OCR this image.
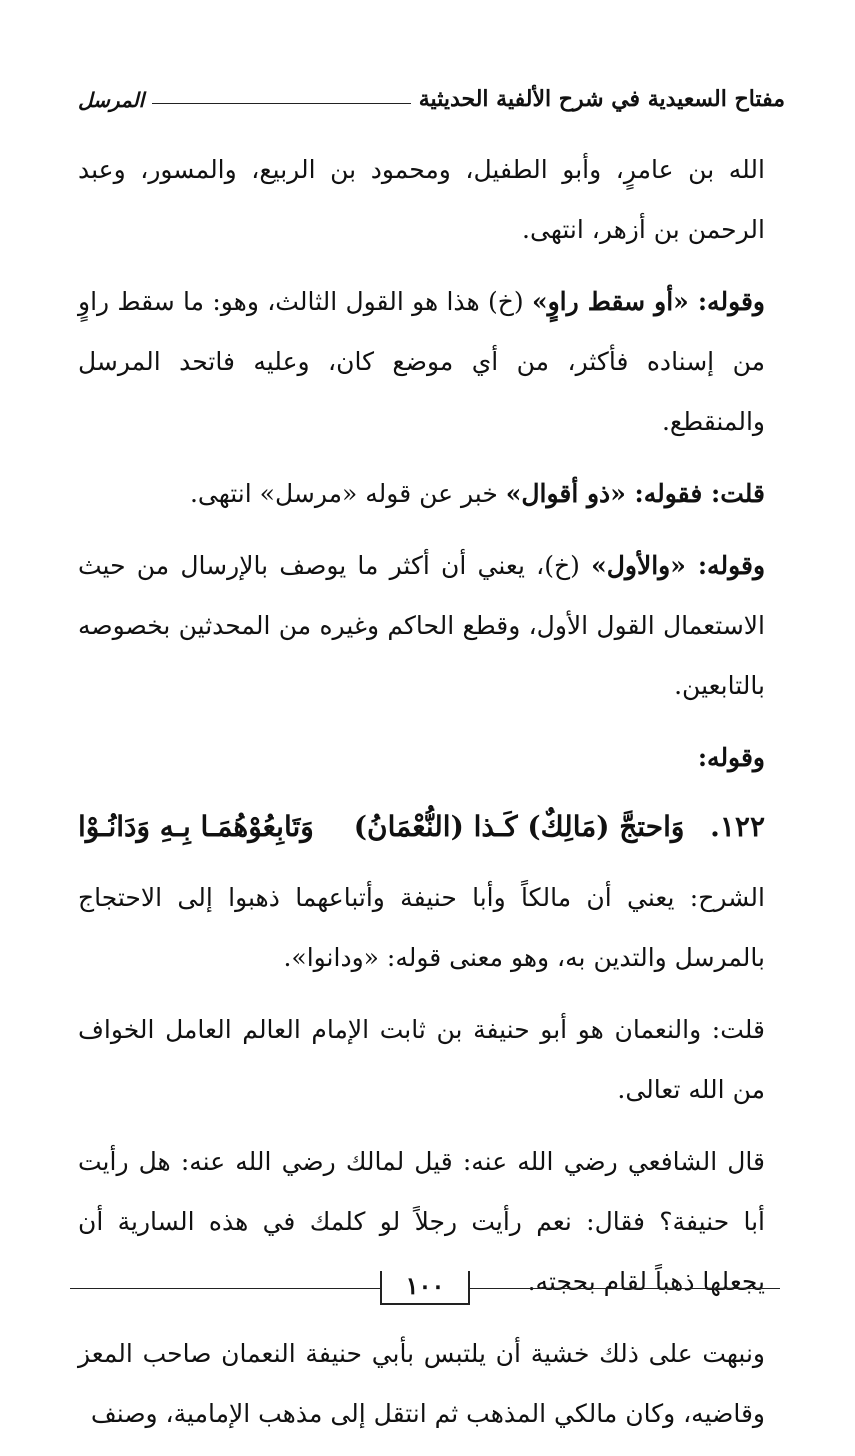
مفتاح السعيدية في شرح الألفية الحديثية
المرسل

الله بن عامرٍ، وأبو الطفيل، ومحمود بن الربيع، والمسور، وعبد الرحمن بن أزهر، انتهى.

وقوله: «أو سقط راوٍ» (خ) هذا هو القول الثالث، وهو: ما سقط راوٍ من إسناده فأكثر، من أي موضع كان، وعليه فاتحد المرسل والمنقطع.

قلت: فقوله: «ذو أقوال» خبر عن قوله «مرسل» انتهى.

وقوله: «والأول» (خ)، يعني أن أكثر ما يوصف بالإرسال من حيث الاستعمال القول الأول، وقطع الحاكم وغيره من المحدثين بخصوصه بالتابعين.

وقوله:

١٢٢. وَاحتجَّ (مَالِكٌ) كَـذا (النُّعْمَانُ)
وَتَابِعُوْهُمَـا بِـهِ وَدَانُـوْا

الشرح: يعني أن مالكاً وأبا حنيفة وأتباعهما ذهبوا إلى الاحتجاج بالمرسل والتدين به، وهو معنى قوله: «ودانوا».

قلت: والنعمان هو أبو حنيفة بن ثابت الإمام العالم العامل الخواف من الله تعالى.

قال الشافعي رضي الله عنه: قيل لمالك رضي الله عنه: هل رأيت أبا حنيفة؟ فقال: نعم رأيت رجلاً لو كلمك في هذه السارية أن يجعلها ذهباً لقام بحجته.

ونبهت على ذلك خشية أن يلتبس بأبي حنيفة النعمان صاحب المعز وقاضيه، وكان مالكي المذهب ثم انتقل إلى مذهب الإمامية، وصنف

١٠٠
